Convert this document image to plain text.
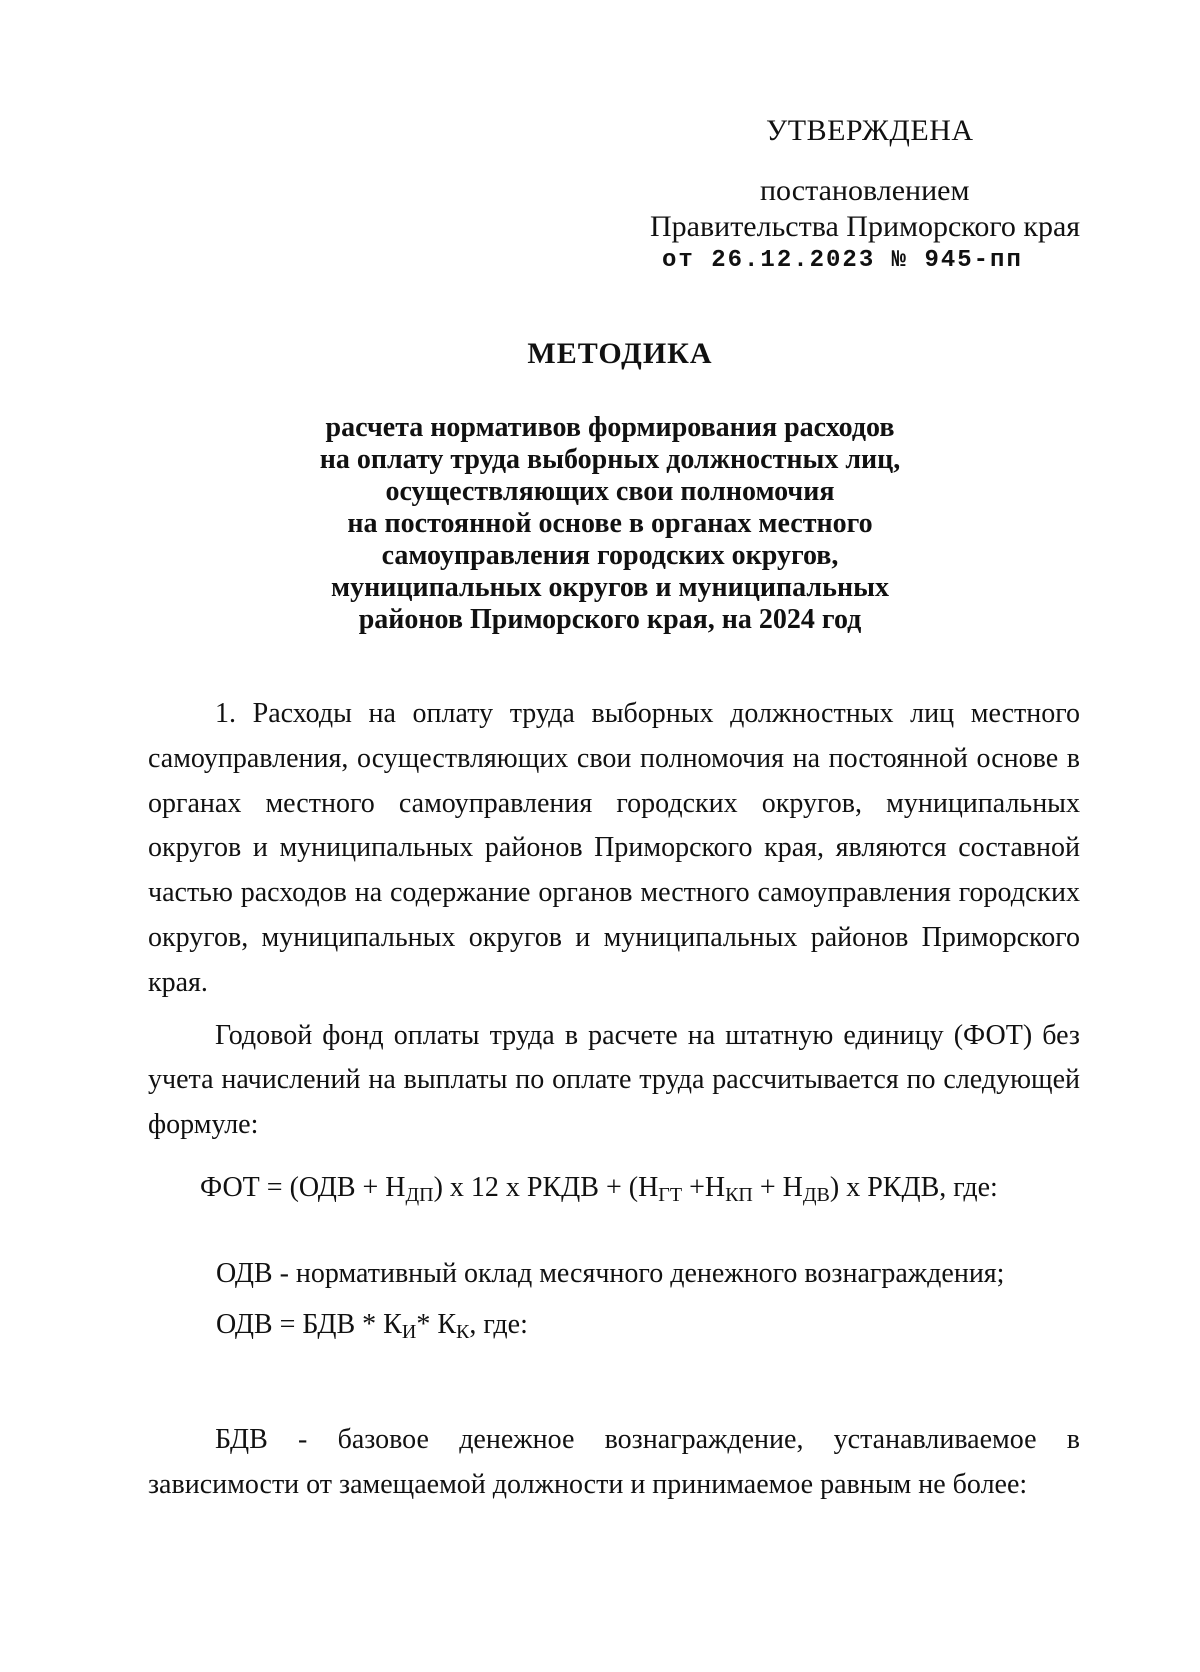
УТВЕРЖДЕНА
постановлением
Правительства Приморского края
от 26.12.2023 № 945-пп
МЕТОДИКА
расчета нормативов формирования расходов
на оплату труда выборных должностных лиц,
осуществляющих свои полномочия
на постоянной основе в органах местного
самоуправления городских округов,
муниципальных округов и муниципальных
районов Приморского края, на 2024 год

1. Расходы на оплату труда выборных должностных лиц местного самоуправления, осуществляющих свои полномочия на постоянной основе в органах местного самоуправления городских округов, муниципальных округов и муниципальных районов Приморского края, являются составной частью расходов на содержание органов местного самоуправления городских округов, муниципальных округов и муниципальных районов Приморского края.

Годовой фонд оплаты труда в расчете на штатную единицу (ФОТ) без учета начислений на выплаты по оплате труда рассчитывается по следующей формуле:

ФОТ = $(ОДВ + Н_{ДП})$ х 12 х РКДВ + $(Н_{ГТ} +Н_{КП} + Н_{ДВ})$ х РКДВ, где:
ОДВ - нормативный оклад месячного денежного вознаграждения;
ОДВ = БДВ * $К_И*$ $К_К$, где:
БДВ - базовое денежное вознаграждение, устанавливаемое в зависимости от замещаемой должности и принимаемое равным не более:
